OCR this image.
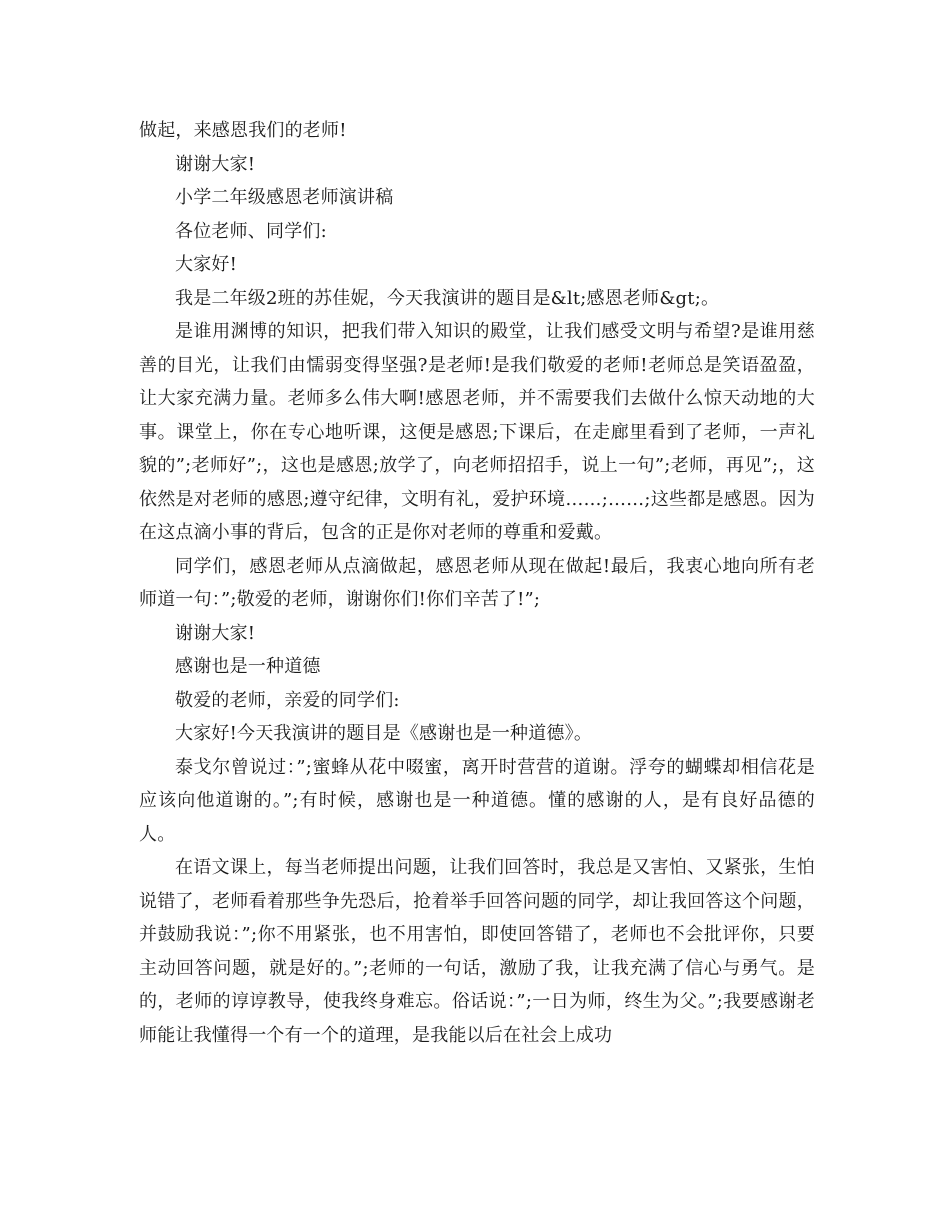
做起，来感恩我们的老师!

谢谢大家!

小学二年级感恩老师演讲稿

各位老师、同学们:

大家好!

我是二年级2班的苏佳妮，今天我演讲的题目是&lt;感恩老师&gt;。

是谁用渊博的知识，把我们带入知识的殿堂，让我们感受文明与希望?是谁用慈善的目光，让我们由懦弱变得坚强?是老师!是我们敬爱的老师!老师总是笑语盈盈，让大家充满力量。老师多么伟大啊!感恩老师，并不需要我们去做什么惊天动地的大事。课堂上，你在专心地听课，这便是感恩;下课后，在走廊里看到了老师，一声礼貌的”;老师好”;，这也是感恩;放学了，向老师招招手，说上一句”;老师，再见”;，这依然是对老师的感恩;遵守纪律，文明有礼，爱护环境……;……;这些都是感恩。因为在这点滴小事的背后，包含的正是你对老师的尊重和爱戴。

同学们，感恩老师从点滴做起，感恩老师从现在做起!最后，我衷心地向所有老师道一句：”;敬爱的老师，谢谢你们!你们辛苦了!”;

谢谢大家!

感谢也是一种道德

敬爱的老师，亲爱的同学们:

大家好!今天我演讲的题目是《感谢也是一种道德》。

泰戈尔曾说过：”;蜜蜂从花中啜蜜，离开时营营的道谢。浮夸的蝴蝶却相信花是应该向他道谢的。”;有时候，感谢也是一种道德。懂的感谢的人，是有良好品德的人。

在语文课上，每当老师提出问题，让我们回答时，我总是又害怕、又紧张，生怕说错了，老师看着那些争先恐后，抢着举手回答问题的同学，却让我回答这个问题，并鼓励我说：”;你不用紧张，也不用害怕，即使回答错了，老师也不会批评你，只要主动回答问题，就是好的。”;老师的一句话，激励了我，让我充满了信心与勇气。是的，老师的谆谆教导，使我终身难忘。俗话说：”;一日为师，终生为父。”;我要感谢老师能让我懂得一个有一个的道理，是我能以后在社会上成功
